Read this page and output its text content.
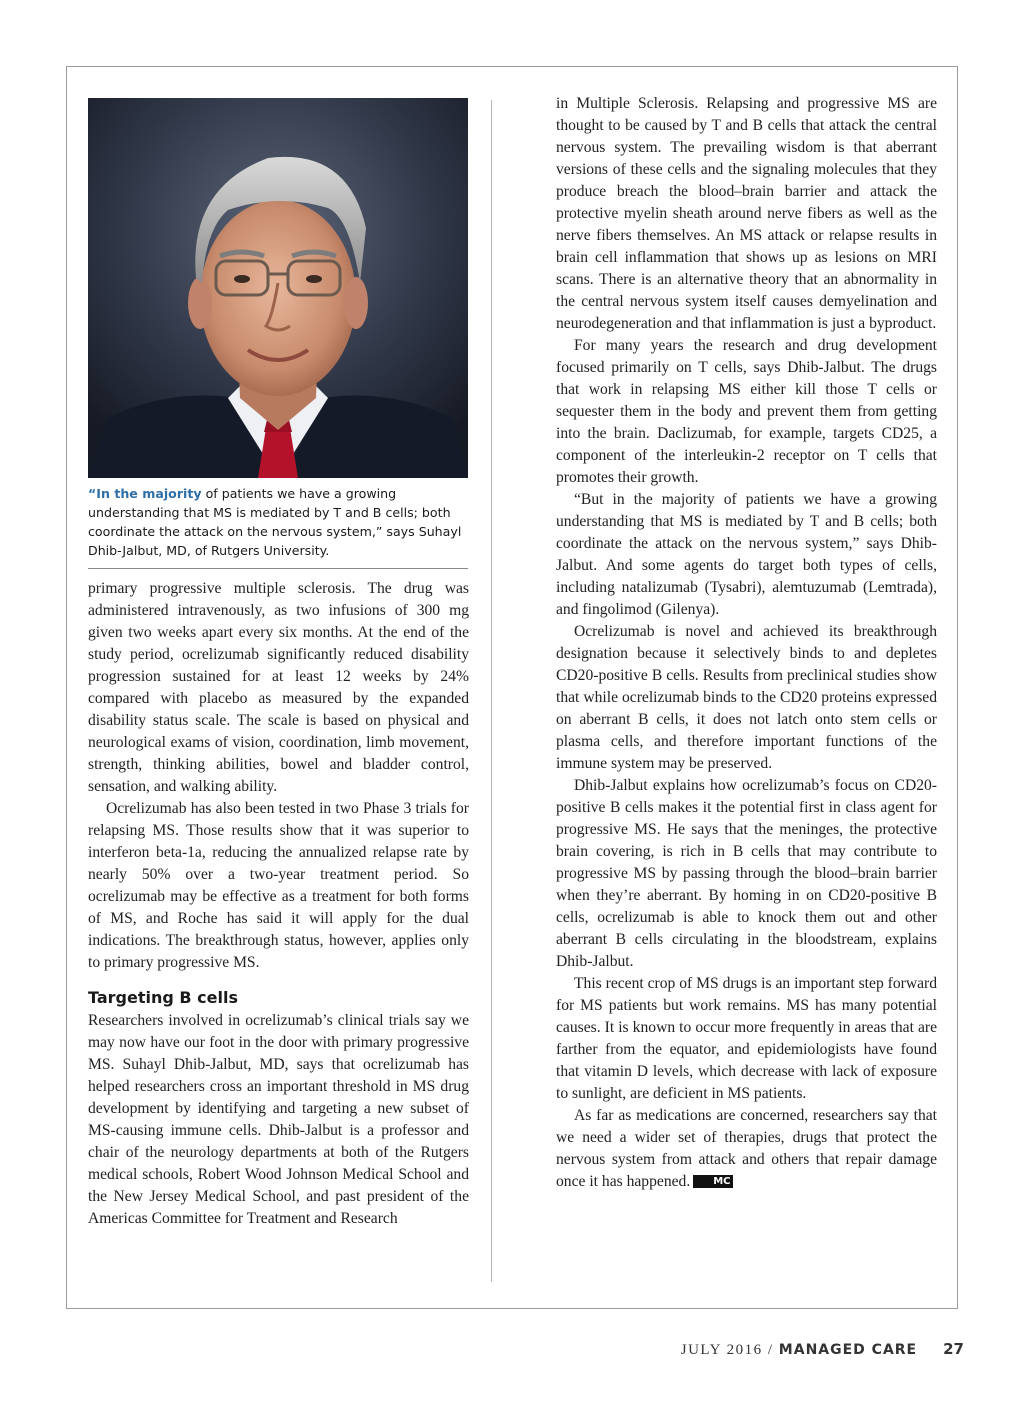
“In the majority of patients we have a growing understanding that MS is mediated by T and B cells; both coordinate the attack on the nervous system,” says Suhayl Dhib-Jalbut, MD, of Rutgers University.

primary progressive multiple sclerosis. The drug was administered intravenously, as two infusions of 300 mg given two weeks apart every six months. At the end of the study period, ocrelizumab significantly reduced disability progression sustained for at least 12 weeks by 24% compared with placebo as measured by the expanded disability status scale. The scale is based on physical and neurological exams of vision, coordination, limb movement, strength, thinking abilities, bowel and bladder control, sensation, and walking ability.

Ocrelizumab has also been tested in two Phase 3 trials for relapsing MS. Those results show that it was superior to interferon beta-1a, reducing the annualized relapse rate by nearly 50% over a two-year treatment period. So ocrelizumab may be effective as a treatment for both forms of MS, and Roche has said it will apply for the dual indications. The breakthrough status, however, applies only to primary progressive MS.

Targeting B cells

Researchers involved in ocrelizumab’s clinical trials say we may now have our foot in the door with primary progressive MS. Suhayl Dhib-Jalbut, MD, says that ocrelizumab has helped researchers cross an important threshold in MS drug development by identifying and targeting a new subset of MS-causing immune cells. Dhib-Jalbut is a professor and chair of the neurology departments at both of the Rutgers medical schools, Robert Wood Johnson Medical School and the New Jersey Medical School, and past president of the Americas Committee for Treatment and Research

in Multiple Sclerosis. Relapsing and progressive MS are thought to be caused by T and B cells that attack the central nervous system. The prevailing wisdom is that aberrant versions of these cells and the signaling molecules that they produce breach the blood–brain barrier and attack the protective myelin sheath around nerve fibers as well as the nerve fibers themselves. An MS attack or relapse results in brain cell inflammation that shows up as lesions on MRI scans. There is an alternative theory that an abnormality in the central nervous system itself causes demyelination and neurodegeneration and that inflammation is just a byproduct.

For many years the research and drug development focused primarily on T cells, says Dhib-Jalbut. The drugs that work in relapsing MS either kill those T cells or sequester them in the body and prevent them from getting into the brain. Daclizumab, for example, targets CD25, a component of the interleukin-2 receptor on T cells that promotes their growth.

“But in the majority of patients we have a growing understanding that MS is mediated by T and B cells; both coordinate the attack on the nervous system,” says Dhib-Jalbut. And some agents do target both types of cells, including natalizumab (Tysabri), alemtuzumab (Lemtrada), and fingolimod (Gilenya).

Ocrelizumab is novel and achieved its breakthrough designation because it selectively binds to and depletes CD20-positive B cells. Results from preclinical studies show that while ocrelizumab binds to the CD20 proteins expressed on aberrant B cells, it does not latch onto stem cells or plasma cells, and therefore important functions of the immune system may be preserved.

Dhib-Jalbut explains how ocrelizumab’s focus on CD20-positive B cells makes it the potential first in class agent for progressive MS. He says that the meninges, the protective brain covering, is rich in B cells that may contribute to progressive MS by passing through the blood–brain barrier when they’re aberrant. By homing in on CD20-positive B cells, ocrelizumab is able to knock them out and other aberrant B cells circulating in the bloodstream, explains Dhib-Jalbut.

This recent crop of MS drugs is an important step forward for MS patients but work remains. MS has many potential causes. It is known to occur more frequently in areas that are farther from the equator, and epidemiologists have found that vitamin D levels, which decrease with lack of exposure to sunlight, are deficient in MS patients.

As far as medications are concerned, researchers say that we need a wider set of therapies, drugs that protect the nervous system from attack and others that repair damage once it has happened. MC

JULY 2016 / MANAGED CARE 27
